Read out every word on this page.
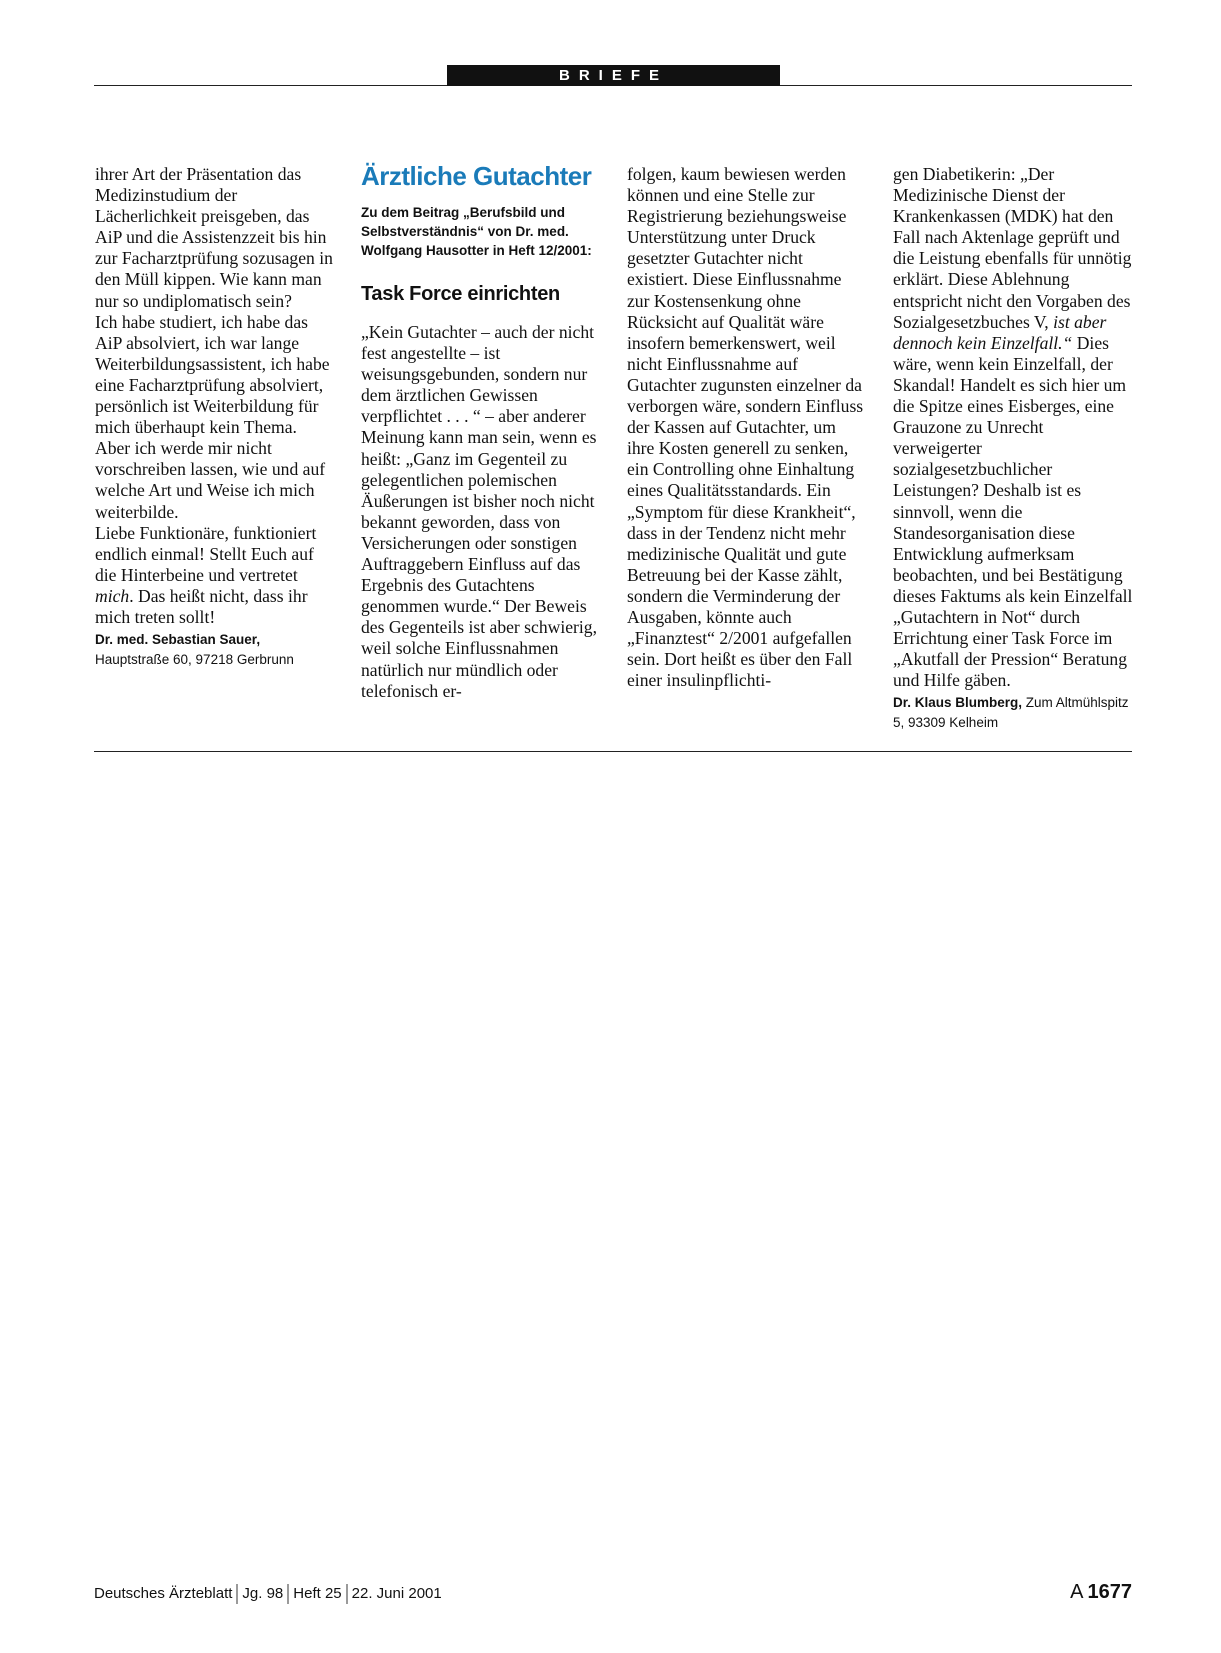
BRIEFE

ihrer Art der Präsentation das Medizinstudium der Lächerlichkeit preisgeben, das AiP und die Assistenzzeit bis hin zur Facharztprüfung sozusagen in den Müll kippen. Wie kann man nur so undiplomatisch sein?

Ich habe studiert, ich habe das AiP absolviert, ich war lange Weiterbildungsassistent, ich habe eine Facharztprüfung absolviert, persönlich ist Weiterbildung für mich überhaupt kein Thema. Aber ich werde mir nicht vorschreiben lassen, wie und auf welche Art und Weise ich mich weiterbilde.

Liebe Funktionäre, funktioniert endlich einmal! Stellt Euch auf die Hinterbeine und vertretet mich. Das heißt nicht, dass ihr mich treten sollt!

Dr. med. Sebastian Sauer,
Hauptstraße 60, 97218 Gerbrunn
Ärztliche Gutachter
Zu dem Beitrag „Berufsbild und Selbstverständnis“ von Dr. med. Wolfgang Hausotter in Heft 12/2001:
Task Force einrichten

„Kein Gutachter – auch der nicht fest angestellte – ist weisungsgebunden, sondern nur dem ärztlichen Gewissen verpflichtet . . . “ – aber anderer Meinung kann man sein, wenn es heißt: „Ganz im Gegenteil zu gelegentlichen polemischen Äußerungen ist bisher noch nicht bekannt geworden, dass von Versicherungen oder sonstigen Auftraggebern Einfluss auf das Ergebnis des Gutachtens genommen wurde.“ Der Beweis des Gegenteils ist aber schwierig, weil solche Einflussnahmen natürlich nur mündlich oder telefonisch er-

folgen, kaum bewiesen werden können und eine Stelle zur Registrierung beziehungsweise Unterstützung unter Druck gesetzter Gutachter nicht existiert. Diese Einflussnahme zur Kostensenkung ohne Rücksicht auf Qualität wäre insofern bemerkenswert, weil nicht Einflussnahme auf Gutachter zugunsten einzelner da verborgen wäre, sondern Einfluss der Kassen auf Gutachter, um ihre Kosten generell zu senken, ein Controlling ohne Einhaltung eines Qualitätsstandards. Ein „Symptom für diese Krankheit“, dass in der Tendenz nicht mehr medizinische Qualität und gute Betreuung bei der Kasse zählt, sondern die Verminderung der Ausgaben, könnte auch „Finanztest“ 2/2001 aufgefallen sein. Dort heißt es über den Fall einer insulinpflichti-

gen Diabetikerin: „Der Medizinische Dienst der Krankenkassen (MDK) hat den Fall nach Aktenlage geprüft und die Leistung ebenfalls für unnötig erklärt. Diese Ablehnung entspricht nicht den Vorgaben des Sozialgesetzbuches V, ist aber dennoch kein Einzelfall.“ Dies wäre, wenn kein Einzelfall, der Skandal! Handelt es sich hier um die Spitze eines Eisberges, eine Grauzone zu Unrecht verweigerter sozialgesetzbuchlicher Leistungen? Deshalb ist es sinnvoll, wenn die Standesorganisation diese Entwicklung aufmerksam beobachten, und bei Bestätigung dieses Faktums als kein Einzelfall „Gutachtern in Not“ durch Errichtung einer Task Force im „Akutfall der Pression“ Beratung und Hilfe gäben.

Dr. Klaus Blumberg, Zum Altmühlspitz 5, 93309 Kelheim
Deutsches Ärzteblatt Jg. 98 Heft 25 22. Juni 2001	A 1677
